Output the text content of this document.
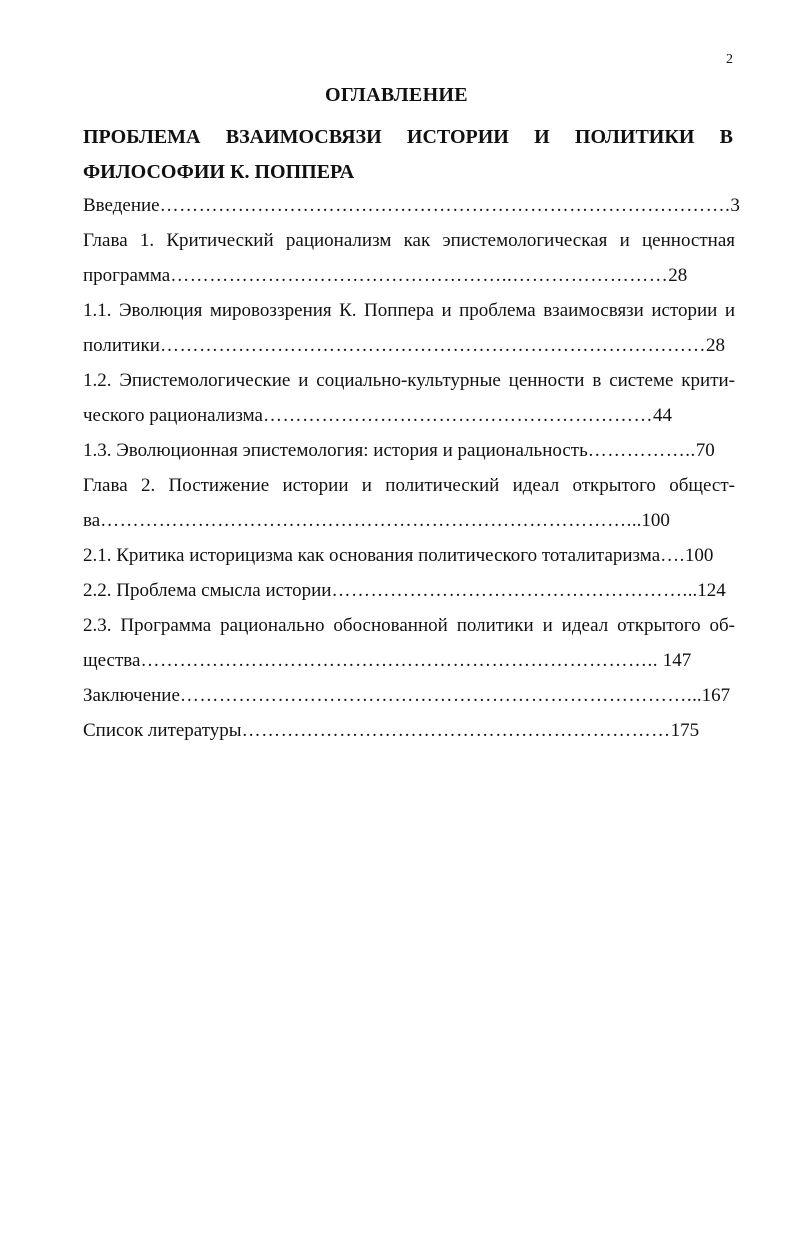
2
ОГЛАВЛЕНИЕ
ПРОБЛЕМА ВЗАИМОСВЯЗИ ИСТОРИИ И ПОЛИТИКИ В ФИЛОСОФИИ К. ПОППЕРА
Введение…………………………………………………………………………….3
Глава 1. Критический рационализм как эпистемологическая и ценностная программа……………………………………………..……………………28
1.1. Эволюция мировоззрения К. Поппера и проблема взаимосвязи истории и политики…………………………………………………………………………28
1.2. Эпистемологические и социально-культурные ценности в системе критического рационализма……………………………………………………44
1.3. Эволюционная эпистемология: история и рациональность……………..70
Глава 2. Постижение истории и политический идеал открытого общества………………………………………………………………………...100
2.1. Критика историцизма как основания политического тоталитаризма….100
2.2. Проблема смысла истории………………………………………………...124
2.3. Программа рационально обоснованной политики и идеал открытого общества…………………………………………………………………….. 147
Заключение……………………………………………………………………...167
Список литературы…………………………………………………………175
